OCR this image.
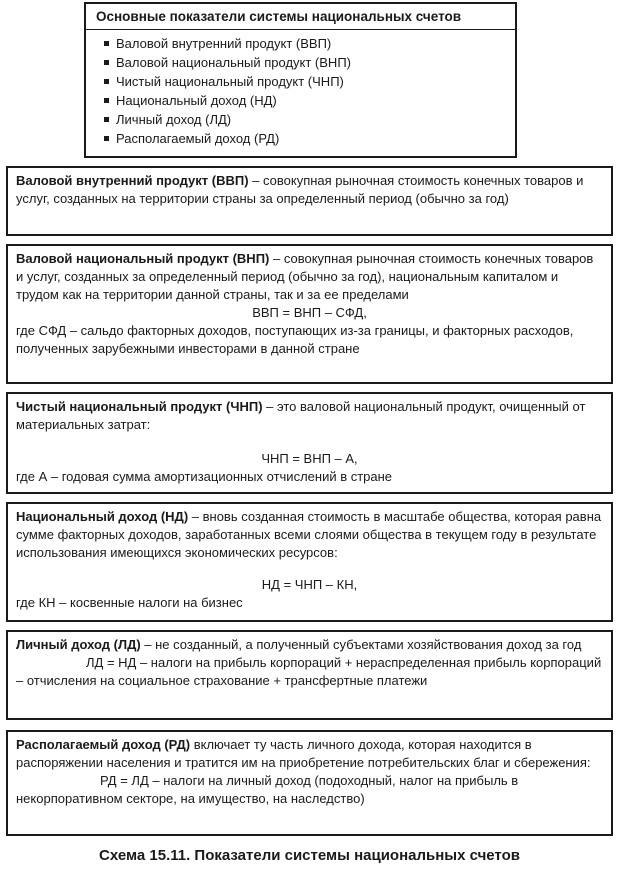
Основные показатели системы национальных счетов
Валовой внутренний продукт (ВВП)
Валовой национальный продукт (ВНП)
Чистый национальный продукт (ЧНП)
Национальный доход (НД)
Личный доход (ЛД)
Располагаемый доход (РД)

Валовой внутренний продукт (ВВП) – совокупная рыночная стоимость конечных товаров и услуг, созданных на территории страны за определенный период (обычно за год)

Валовой национальный продукт (ВНП) – совокупная рыночная стоимость конечных товаров и услуг, созданных за определенный период (обычно за год), национальным капиталом и трудом как на территории данной страны, так и за ее пределами

ВВП = ВНП – СФД,

где СФД – сальдо факторных доходов, поступающих из-за границы, и факторных расходов, полученных зарубежными инвесторами в данной стране

Чистый национальный продукт (ЧНП) – это валовой национальный продукт, очищенный от материальных затрат:

ЧНП = ВНП – А,

где А – годовая сумма амортизационных отчислений в стране

Национальный доход (НД) – вновь созданная стоимость в масштабе общества, которая равна сумме факторных доходов, заработанных всеми слоями общества в текущем году в результате использования имеющихся экономических ресурсов:

НД = ЧНП – КН,

где КН – косвенные налоги на бизнес

Личный доход (ЛД) – не созданный, а полученный субъектами хозяйствования доход за год

ЛД = НД – налоги на прибыль корпораций + нераспределенная прибыль корпораций – отчисления на социальное страхование + трансфертные платежи

Располагаемый доход (РД) включает ту часть личного дохода, которая находится в распоряжении населения и тратится им на приобретение потребительских благ и сбережения:

РД = ЛД – налоги на личный доход (подоходный, налог на прибыль в некорпоративном секторе, на имущество, на наследство)

Схема 15.11. Показатели системы национальных счетов
